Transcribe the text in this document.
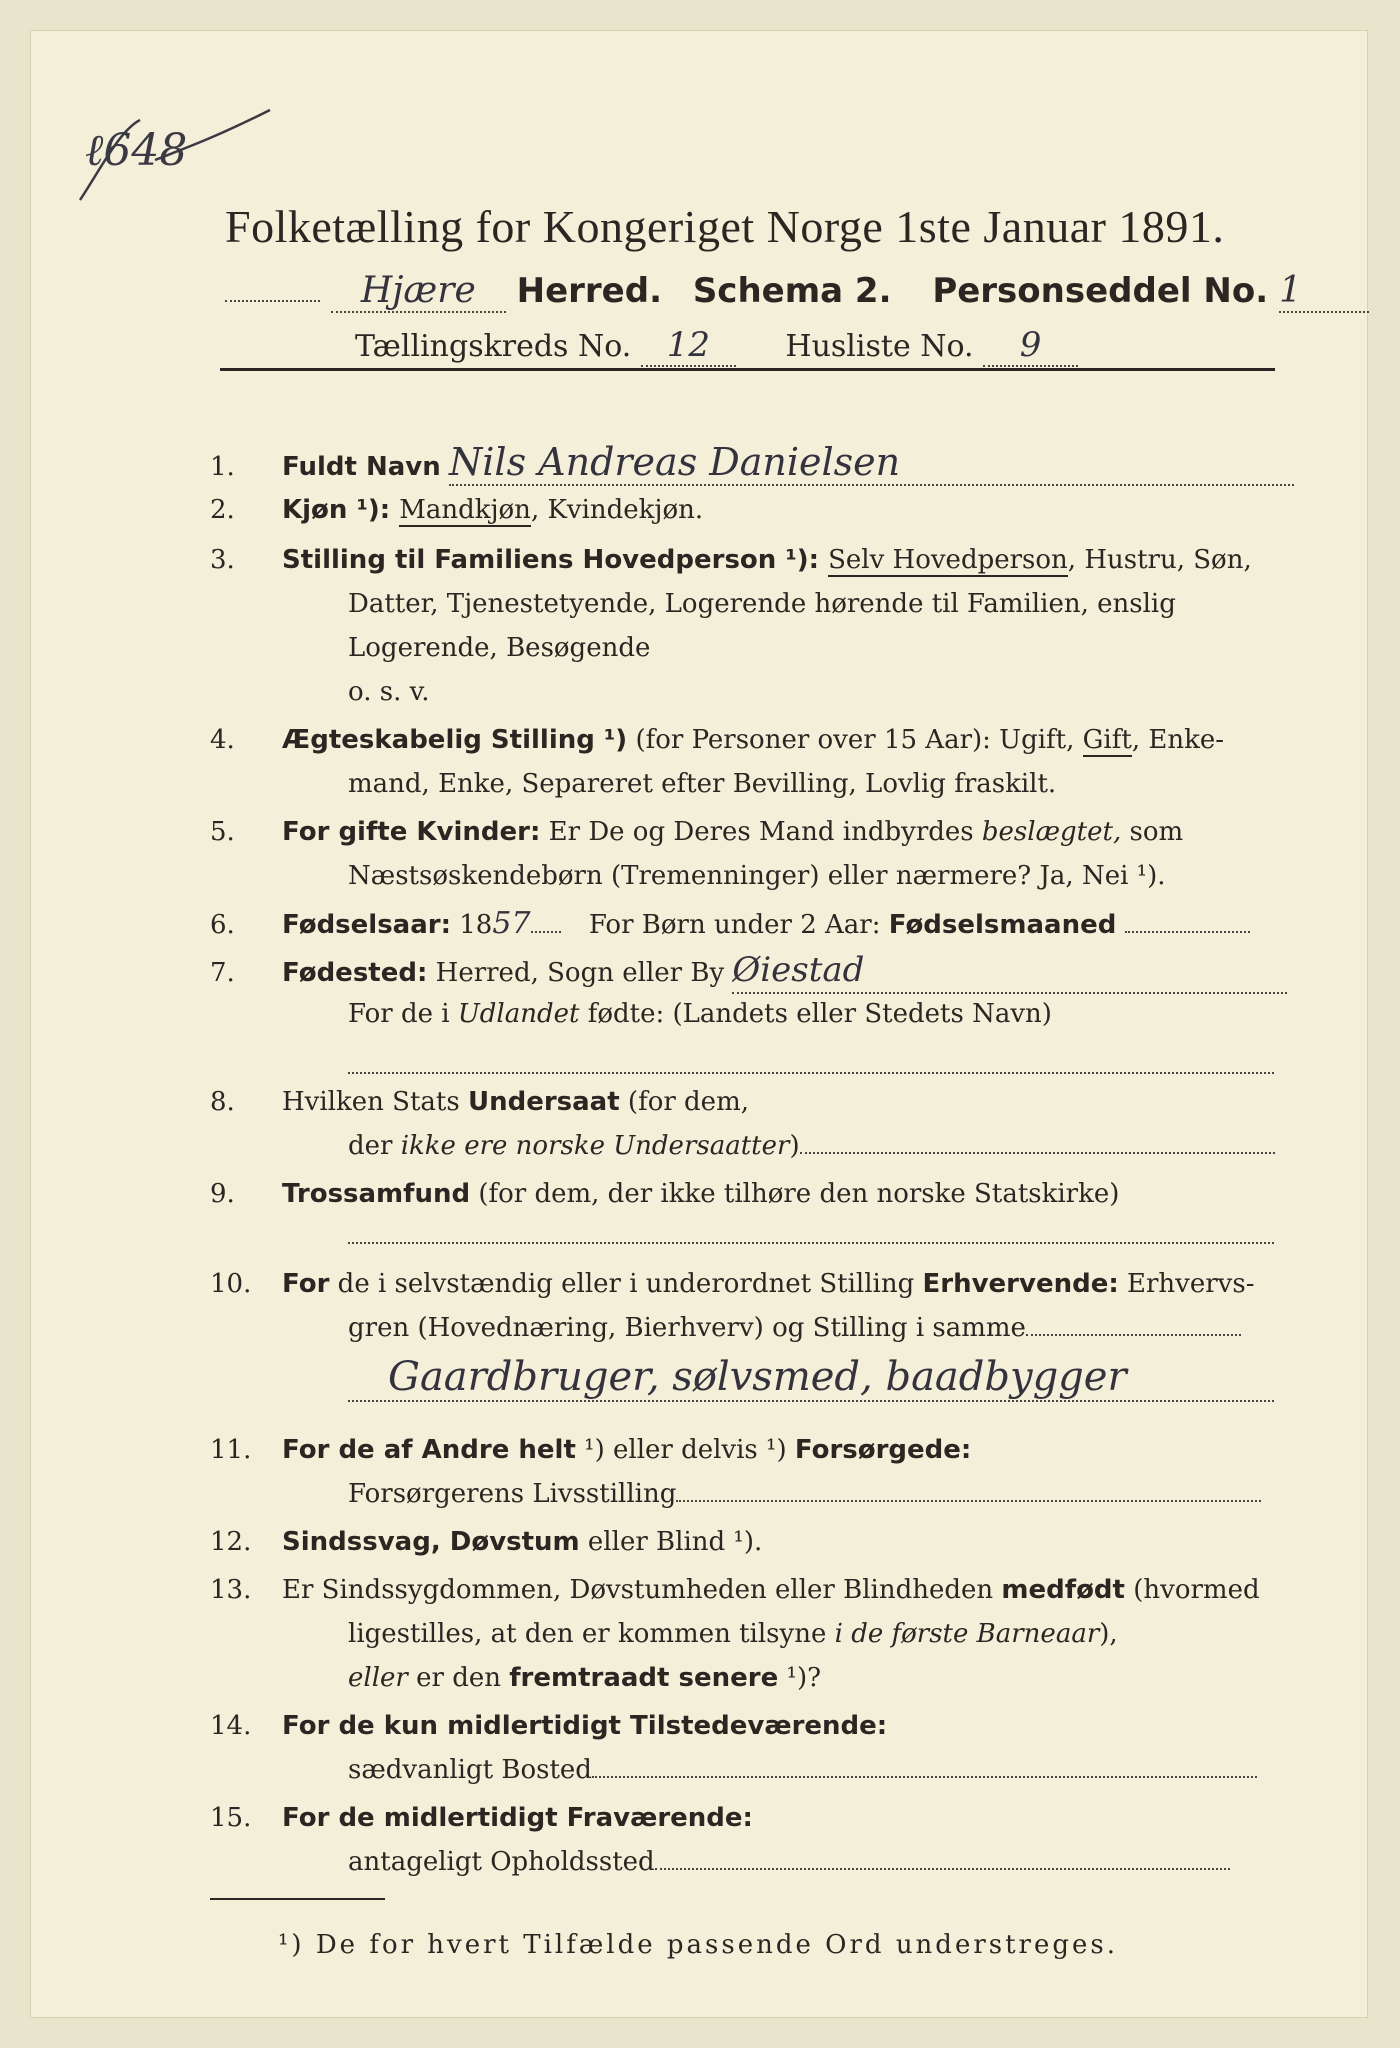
ℓ648
Folketælling for Kongeriget Norge 1ste Januar 1891.
Hjære Herred. Schema 2. Personseddel No. 1
Tællingskreds No. 12	Husliste No. 9
1. Fuldt Navn Nils Andreas Danielsen
2. Kjøn ¹): Mandkjøn, Kvindekjøn.
3. Stilling til Familiens Hovedperson ¹): Selv Hovedperson, Hustru, Søn,
Datter, Tjenestetyende, Logerende hørende til Familien, enslig
Logerende, Besøgende
o. s. v.
4. Ægteskabelig Stilling ¹) (for Personer over 15 Aar): Ugift, Gift, Enke-
mand, Enke, Separeret efter Bevilling, Lovlig fraskilt.
5. For gifte Kvinder: Er De og Deres Mand indbyrdes beslægtet, som
Næstsøskendebørn (Tremenninger) eller nærmere? Ja, Nei ¹).
6. Fødselsaar: 1857 For Børn under 2 Aar: Fødselsmaaned
7. Fødested: Herred, Sogn eller By Øiestad
For de i Udlandet fødte: (Landets eller Stedets Navn)
8. Hvilken Stats Undersaat (for dem,
der ikke ere norske Undersaatter)
9. Trossamfund (for dem, der ikke tilhøre den norske Statskirke)
10. For de i selvstændig eller i underordnet Stilling Erhvervende: Erhvervs-
gren (Hovednæring, Bierhverv) og Stilling i samme
Gaardbruger, sølvsmed, baadbygger
11. For de af Andre helt ¹) eller delvis ¹) Forsørgede:
Forsørgerens Livsstilling
12. Sindssvag, Døvstum eller Blind ¹).
13. Er Sindssygdommen, Døvstumheden eller Blindheden medfødt (hvormed
ligestilles, at den er kommen tilsyne i de første Barneaar),
eller er den fremtraadt senere ¹)?
14. For de kun midlertidigt Tilstedeværende:
sædvanligt Bosted
15. For de midlertidigt Fraværende:
antageligt Opholdssted
¹) De for hvert Tilfælde passende Ord understreges.
